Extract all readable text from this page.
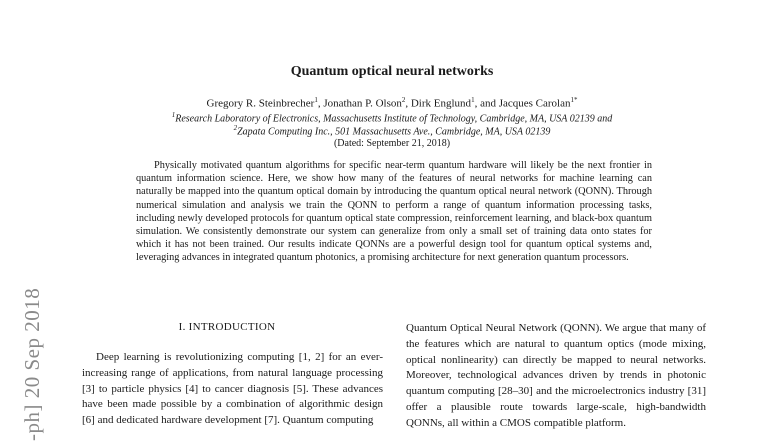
-ph] 20 Sep 2018
Quantum optical neural networks
Gregory R. Steinbrecher$^1$, Jonathan P. Olson$^2$, Dirk Englund$^1$, and Jacques Carolan$^{1*}$
$^1$Research Laboratory of Electronics, Massachusetts Institute of Technology, Cambridge, MA, USA 02139 and
$^2$Zapata Computing Inc., 501 Massachusetts Ave., Cambridge, MA, USA 02139
(Dated: September 21, 2018)

Physically motivated quantum algorithms for specific near-term quantum hardware will likely be the next frontier in quantum information science. Here, we show how many of the features of neural networks for machine learning can naturally be mapped into the quantum optical domain by introducing the quantum optical neural network (QONN). Through numerical simulation and analysis we train the QONN to perform a range of quantum information processing tasks, including newly developed protocols for quantum optical state compression, reinforcement learning, and black-box quantum simulation. We consistently demonstrate our system can generalize from only a small set of training data onto states for which it has not been trained. Our results indicate QONNs are a powerful design tool for quantum optical systems and, leveraging advances in integrated quantum photonics, a promising architecture for next generation quantum processors.

I. INTRODUCTION

Deep learning is revolutionizing computing [1, 2] for an ever-increasing range of applications, from natural language processing [3] to particle physics [4] to cancer diagnosis [5]. These advances have been made possible by a combination of algorithmic design [6] and dedicated hardware development [7]. Quantum computing

Quantum Optical Neural Network (QONN). We argue that many of the features which are natural to quantum optics (mode mixing, optical nonlinearity) can directly be mapped to neural networks. Moreover, technological advances driven by trends in photonic quantum computing [28–30] and the microelectronics industry [31] offer a plausible route towards large-scale, high-bandwidth QONNs, all within a CMOS compatible platform.
